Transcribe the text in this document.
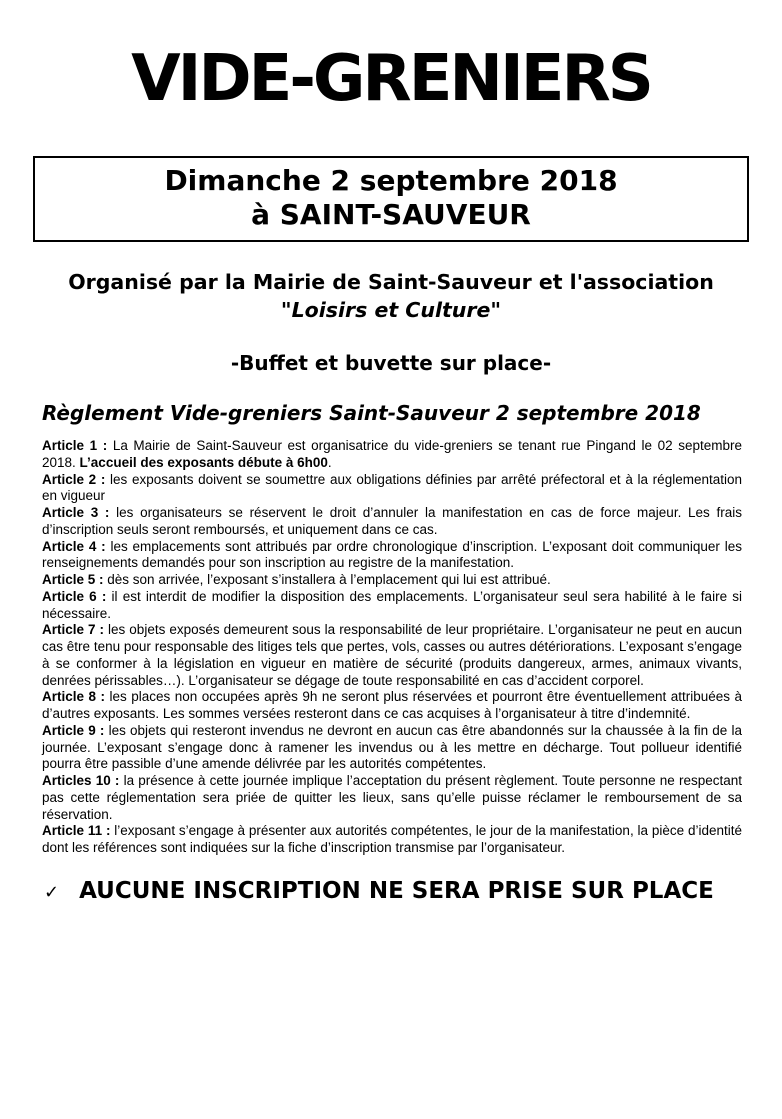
VIDE-GRENIERS
Dimanche 2 septembre 2018
à SAINT-SAUVEUR
Organisé par la Mairie de Saint-Sauveur et l'association
"Loisirs et Culture"
-Buffet et buvette sur place-
Règlement Vide-greniers Saint-Sauveur 2 septembre 2018

Article 1 : La Mairie de Saint-Sauveur est organisatrice du vide-greniers se tenant rue Pingand le 02 septembre 2018. L’accueil des exposants débute à 6h00.

Article 2 : les exposants doivent se soumettre aux obligations définies par arrêté préfectoral et à la réglementation en vigueur

Article 3 : les organisateurs se réservent le droit d’annuler la manifestation en cas de force majeur. Les frais d’inscription seuls seront remboursés, et uniquement dans ce cas.

Article 4 : les emplacements sont attribués par ordre chronologique d’inscription. L’exposant doit communiquer les renseignements demandés pour son inscription au registre de la manifestation.

Article 5 : dès son arrivée, l’exposant s’installera à l’emplacement qui lui est attribué.

Article 6 : il est interdit de modifier la disposition des emplacements. L’organisateur seul sera habilité à le faire si nécessaire.

Article 7 : les objets exposés demeurent sous la responsabilité de leur propriétaire. L’organisateur ne peut en aucun cas être tenu pour responsable des litiges tels que pertes, vols, casses ou autres détériorations. L’exposant s’engage à se conformer à la législation en vigueur en matière de sécurité (produits dangereux, armes, animaux vivants, denrées périssables…). L’organisateur se dégage de toute responsabilité en cas d’accident corporel.

Article 8 : les places non occupées après 9h ne seront plus réservées et pourront être éventuellement attribuées à d’autres exposants. Les sommes versées resteront dans ce cas acquises à l’organisateur à titre d’indemnité.

Article 9 : les objets qui resteront invendus ne devront en aucun cas être abandonnés sur la chaussée à la fin de la journée. L’exposant s’engage donc à ramener les invendus ou à les mettre en décharge. Tout pollueur identifié pourra être passible d’une amende délivrée par les autorités compétentes.

Articles 10 : la présence à cette journée implique l’acceptation du présent règlement. Toute personne ne respectant pas cette réglementation sera priée de quitter les lieux, sans qu’elle puisse réclamer le remboursement de sa réservation.

Article 11 : l’exposant s’engage à présenter aux autorités compétentes, le jour de la manifestation, la pièce d’identité dont les références sont indiquées sur la fiche d’inscription transmise par l’organisateur.

✓ AUCUNE INSCRIPTION NE SERA PRISE SUR PLACE
